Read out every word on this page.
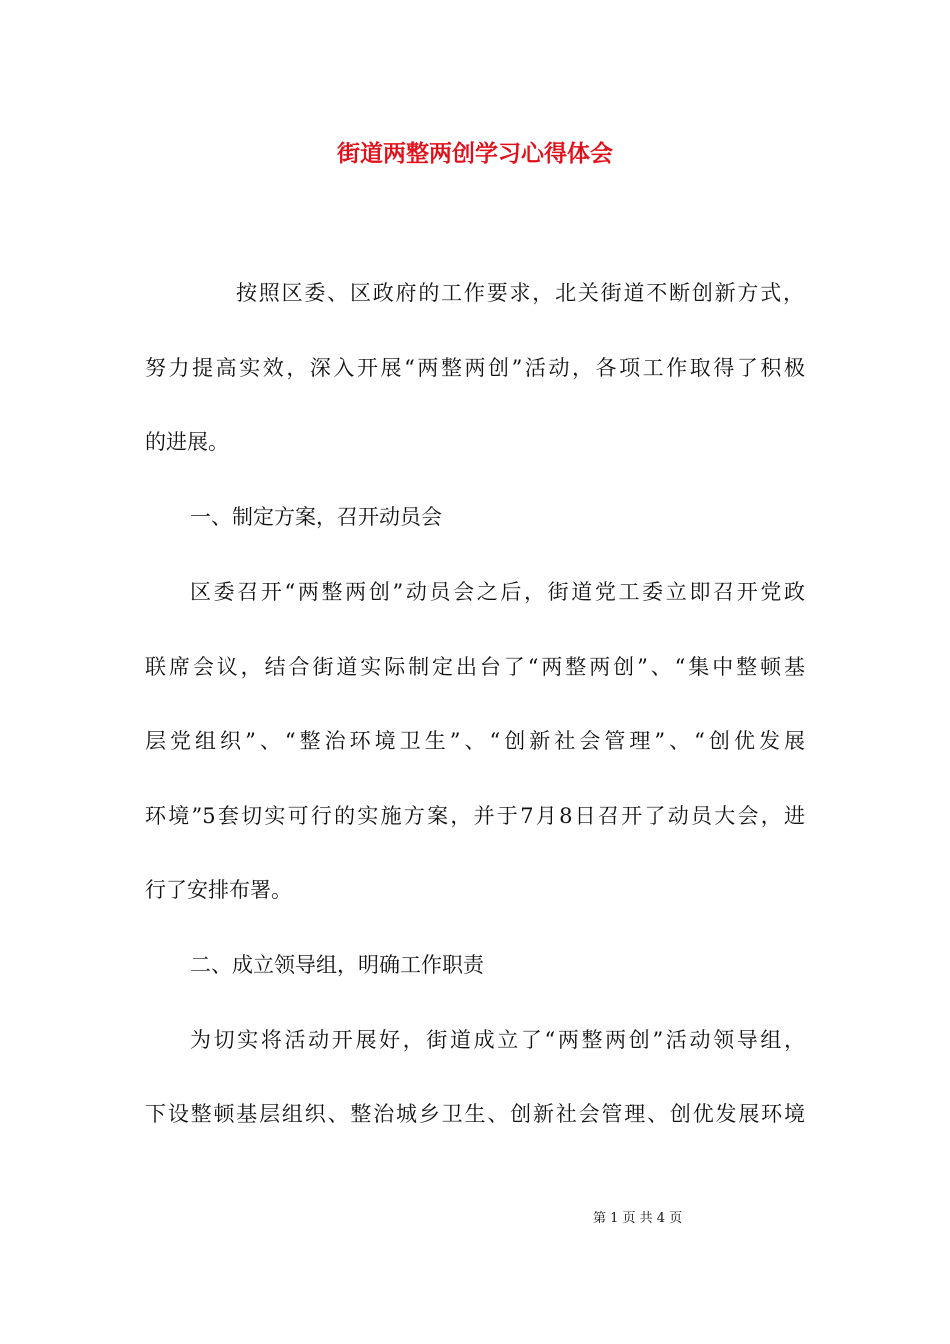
街道两整两创学习心得体会
按照区委、区政府的工作要求，北关街道不断创新方式，
努力提高实效，深入开展“两整两创”活动，各项工作取得了积极
的进展。
一、制定方案，召开动员会
区委召开“两整两创”动员会之后，街道党工委立即召开党政
联席会议，结合街道实际制定出台了“两整两创”、“集中整顿基
层党组织”、“整治环境卫生”、“创新社会管理”、“创优发展
环境”5套切实可行的实施方案，并于7月8日召开了动员大会，进
行了安排布署。
二、成立领导组，明确工作职责
为切实将活动开展好，街道成立了“两整两创”活动领导组，
下设整顿基层组织、整治城乡卫生、创新社会管理、创优发展环境
第 1 页 共 4 页
